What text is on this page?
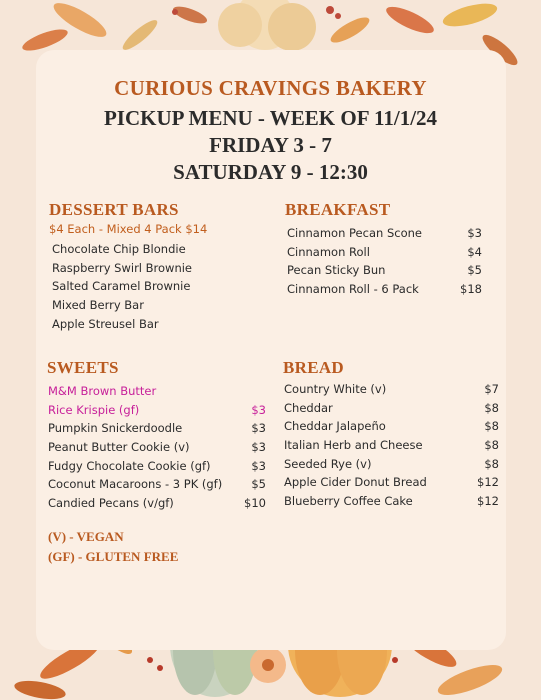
CURIOUS CRAVINGS BAKERY
PICKUP MENU - WEEK OF 11/1/24
FRIDAY 3 - 7
SATURDAY 9 - 12:30
DESSERT BARS
$4 Each - Mixed 4 Pack $14
Chocolate Chip Blondie
Raspberry Swirl Brownie
Salted Caramel Brownie
Mixed Berry Bar
Apple Streusel Bar
BREAKFAST
Cinnamon Pecan Scone	$3
Cinnamon Roll	$4
Pecan Sticky Bun	$5
Cinnamon Roll - 6 Pack	$18
SWEETS
M&M Brown Butter
Rice Krispie (gf)	$3
Pumpkin Snickerdoodle	$3
Peanut Butter Cookie (v)	$3
Fudgy Chocolate Cookie (gf)	$3
Coconut Macaroons - 3 PK (gf)	$5
Candied Pecans (v/gf)	$10
BREAD
Country White (v)	$7
Cheddar	$8
Cheddar Jalapeño	$8
Italian Herb and Cheese	$8
Seeded Rye (v)	$8
Apple Cider Donut Bread	$12
Blueberry Coffee Cake	$12
(V) - VEGAN
(GF) - GLUTEN FREE
